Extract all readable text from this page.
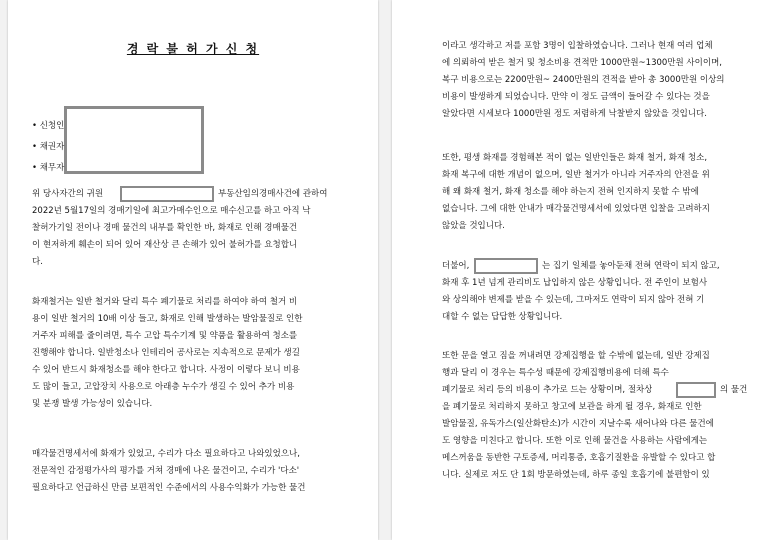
경 락 불 허 가 신 청
• 신청인
• 채권자
• 채무자
위 당사자간의 귀원
2022년 5월17일의 경매기일에 최고가매수인으로 매수신고를 하고 아직 낙
찰허가기일 전이나 경매 물건의 내부를 확인한 바, 화재로 인해 경매물건
이 현저하게 훼손이 되어 있어 재산상 큰 손해가 있어 불허가를 요청합니
다.
부동산임의경매사건에 관하여
화재철거는 일반 철거와 달리 특수 폐기물로 처리를 하여야 하여 철거 비
용이 일반 철거의 10배 이상 들고, 화재로 인해 발생하는 발암물질로 인한
거주자 피해를 줄이려면, 특수 고압 특수기계 및 약품을 활용하여 청소를
진행해야 합니다. 일반청소나 인테리어 공사로는 지속적으로 문제가 생길
수 있어 반드시 화재청소를 해야 한다고 합니다. 사정이 이렇다 보니 비용
도 많이 들고, 고압장치 사용으로 아래층 누수가 생길 수 있어 추가 비용
및 분쟁 발생 가능성이 있습니다.
매각물건명세서에 화재가 있었고, 수리가 다소 필요하다고 나와있었으나,
전문적인 감정평가사의 평가를 거쳐 경매에 나온 물건이고, 수리가 '다소'
필요하다고 언급하신 만큼 보편적인 수준에서의 사용수익화가 가능한 물건
이라고 생각하고 저를 포함 3명이 입찰하였습니다. 그러나 현재 여러 업체
에 의뢰하여 받은 철거 및 청소비용 견적만 1000만원~1300만원 사이이며,
복구 비용으로는 2200만원~ 2400만원의 견적을 받아 총 3000만원 이상의
비용이 발생하게 되었습니다. 만약 이 정도 금액이 들어갈 수 있다는 것을
알았다면 시세보다 1000만원 정도 저렴하게 낙찰받지 않았을 것입니다.
또한, 평생 화재를 경험해본 적이 없는 일반인들은 화재 철거, 화재 청소,
화재 복구에 대한 개념이 없으며, 일반 철거가 아니라 거주자의 안전을 위
해 왜 화재 철거, 화재 청소를 해야 하는지 전혀 인지하지 못할 수 밖에
없습니다. 그에 대한 안내가 매각물건명세서에 있었다면 입찰을 고려하지
않았을 것입니다.
더불어,	는 집기 일체를 놓아둔채 전혀 연락이 되지 않고,
화재 후 1년 넘게 관리비도 납입하지 않은 상황입니다. 전 주인이 보험사
와 상의해야 변제를 받을 수 있는데, 그마저도 연락이 되지 않아 전혀 기
대할 수 없는 답답한 상황입니다.
또한 문을 열고 짐을 꺼내려면 강제집행을 할 수밖에 없는데, 일반 강제집
행과 달리 이 경우는 특수성 때문에 강제집행비용에 더해 특수
폐기물로 처리 등의 비용이 추가로 드는 상황이며, 절차상	의 물건
을 폐기물로 처리하지 못하고 창고에 보관을 하게 될 경우, 화재로 인한
발암물질, 유독가스(일산화탄소)가 시간이 지날수록 새어나와 다른 물건에
도 영향을 미친다고 합니다. 또한 이로 인해 물건을 사용하는 사람에게는
메스꺼움을 동반한 구토증세, 머리통증, 호흡기질환을 유발할 수 있다고 합
니다. 실제로 저도 단 1회 방문하였는데, 하루 종일 호흡기에 불편함이 있
